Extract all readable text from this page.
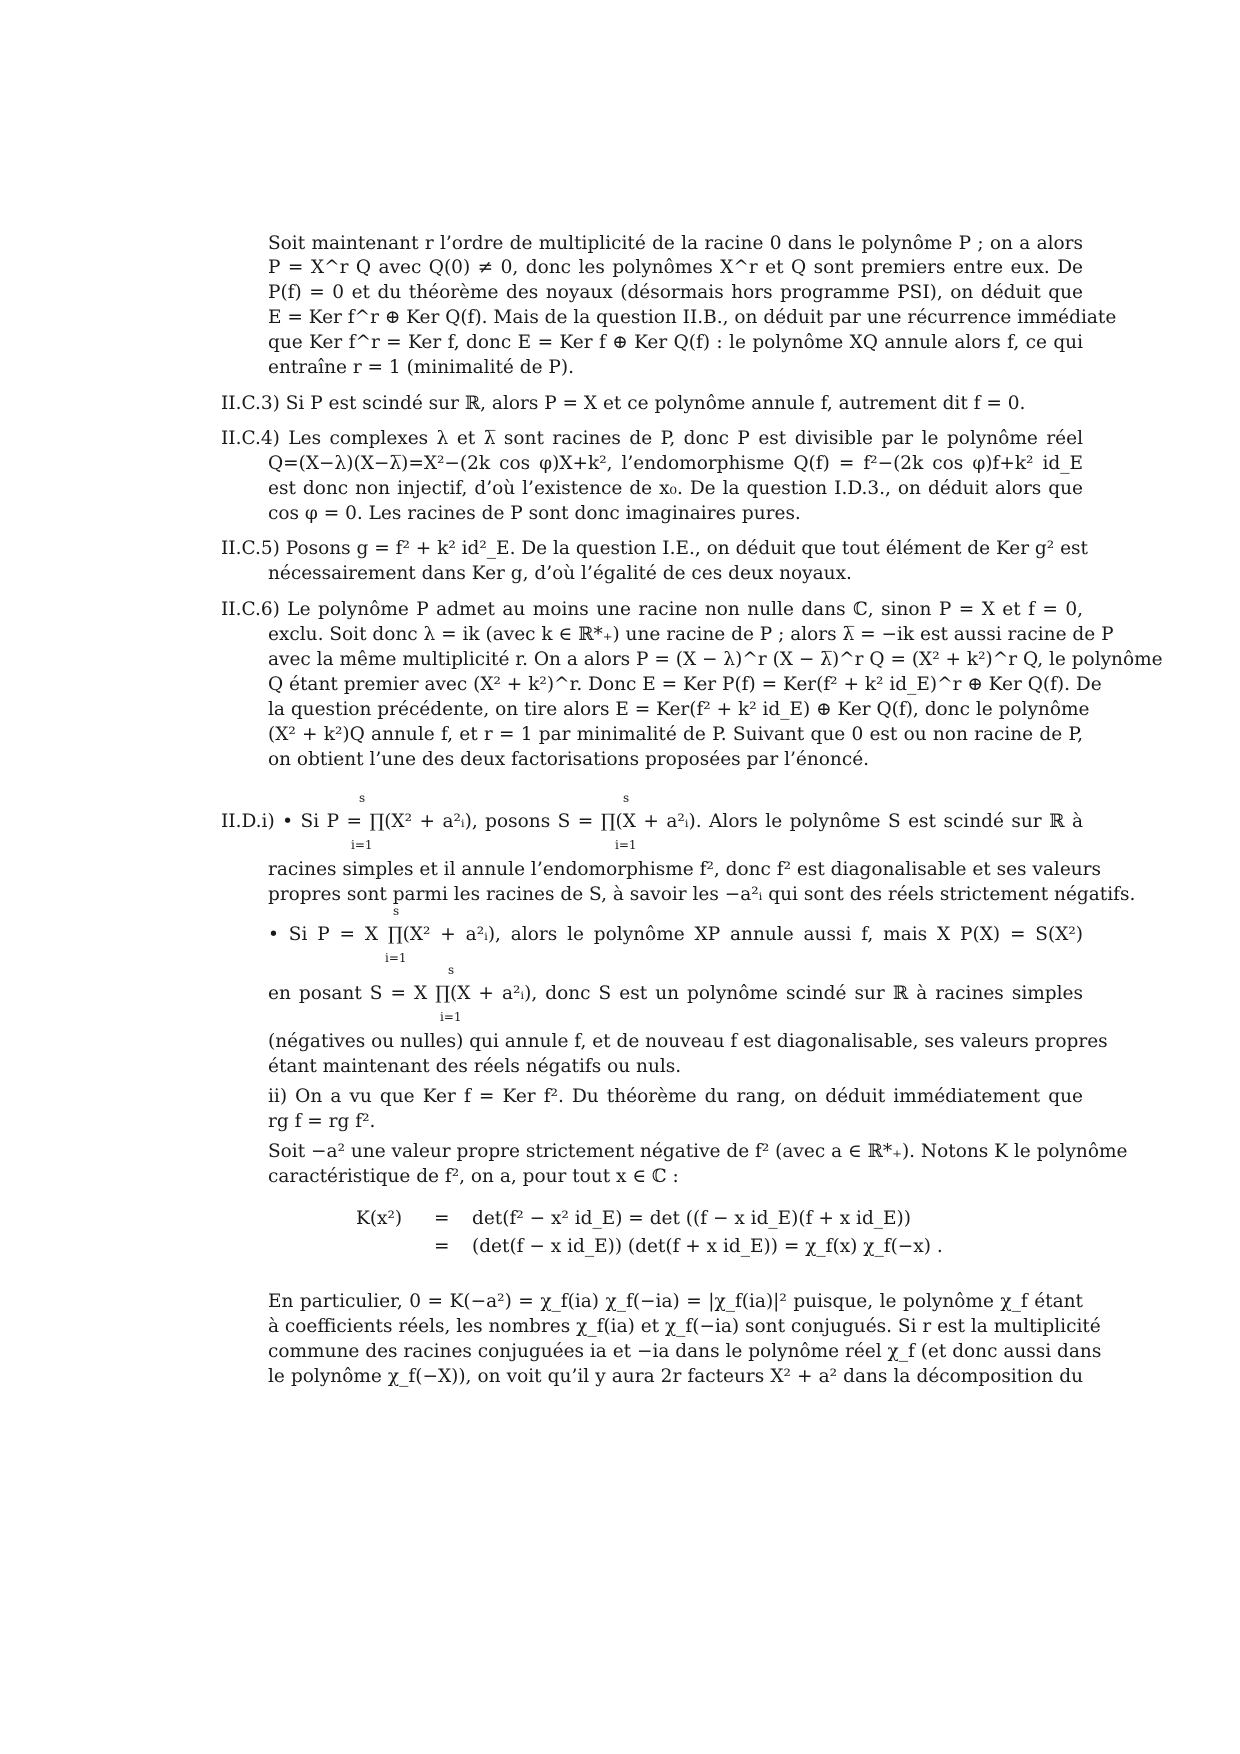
Soit maintenant r l’ordre de multiplicité de la racine 0 dans le polynôme P ; on a alors
P = X^r Q avec Q(0) ≠ 0, donc les polynômes X^r et Q sont premiers entre eux. De
P(f) = 0 et du théorème des noyaux (désormais hors programme PSI), on déduit que
E = Ker f^r ⊕ Ker Q(f). Mais de la question II.B., on déduit par une récurrence immédiate
que Ker f^r = Ker f, donc E = Ker f ⊕ Ker Q(f) : le polynôme XQ annule alors f, ce qui
entraîne r = 1 (minimalité de P).
II.C.3) Si P est scindé sur ℝ, alors P = X et ce polynôme annule f, autrement dit f = 0.
II.C.4) Les complexes λ et λ̅ sont racines de P, donc P est divisible par le polynôme réel
Q=(X−λ)(X−λ̅)=X²−(2k cos φ)X+k², l’endomorphisme Q(f) = f²−(2k cos φ)f+k² id_E
est donc non injectif, d’où l’existence de x₀. De la question I.D.3., on déduit alors que
cos φ = 0. Les racines de P sont donc imaginaires pures.
II.C.5) Posons g = f² + k² id²_E. De la question I.E., on déduit que tout élément de Ker g² est
nécessairement dans Ker g, d’où l’égalité de ces deux noyaux.
II.C.6) Le polynôme P admet au moins une racine non nulle dans ℂ, sinon P = X et f = 0,
exclu. Soit donc λ = ik (avec k ∈ ℝ*₊) une racine de P ; alors λ̅ = −ik est aussi racine de P
avec la même multiplicité r. On a alors P = (X − λ)^r (X − λ̅)^r Q = (X² + k²)^r Q, le polynôme
Q étant premier avec (X² + k²)^r. Donc E = Ker P(f) = Ker(f² + k² id_E)^r ⊕ Ker Q(f). De
la question précédente, on tire alors E = Ker(f² + k² id_E) ⊕ Ker Q(f), donc le polynôme
(X² + k²)Q annule f, et r = 1 par minimalité de P. Suivant que 0 est ou non racine de P,
on obtient l’une des deux factorisations proposées par l’énoncé.
s
i=1
s
i=1
II.D.i) • Si P = ∏(X² + a²ᵢ), posons S = ∏(X + a²ᵢ). Alors le polynôme S est scindé sur ℝ à
racines simples et il annule l’endomorphisme f², donc f² est diagonalisable et ses valeurs
propres sont parmi les racines de S, à savoir les −a²ᵢ qui sont des réels strictement négatifs.
s
i=1
• Si P = X ∏(X² + a²ᵢ), alors le polynôme XP annule aussi f, mais X P(X) = S(X²)
s
i=1
en posant S = X ∏(X + a²ᵢ), donc S est un polynôme scindé sur ℝ à racines simples
(négatives ou nulles) qui annule f, et de nouveau f est diagonalisable, ses valeurs propres
étant maintenant des réels négatifs ou nuls.
ii) On a vu que Ker f = Ker f². Du théorème du rang, on déduit immédiatement que
rg f = rg f².
Soit −a² une valeur propre strictement négative de f² (avec a ∈ ℝ*₊). Notons K le polynôme
caractéristique de f², on a, pour tout x ∈ ℂ :
K(x²) = det(f² − x² id_E) = det ((f − x id_E)(f + x id_E))
= (det(f − x id_E)) (det(f + x id_E)) = χ_f(x) χ_f(−x) .
En particulier, 0 = K(−a²) = χ_f(ia) χ_f(−ia) = |χ_f(ia)|² puisque, le polynôme χ_f étant
à coefficients réels, les nombres χ_f(ia) et χ_f(−ia) sont conjugués. Si r est la multiplicité
commune des racines conjuguées ia et −ia dans le polynôme réel χ_f (et donc aussi dans
le polynôme χ_f(−X)), on voit qu’il y aura 2r facteurs X² + a² dans la décomposition du
